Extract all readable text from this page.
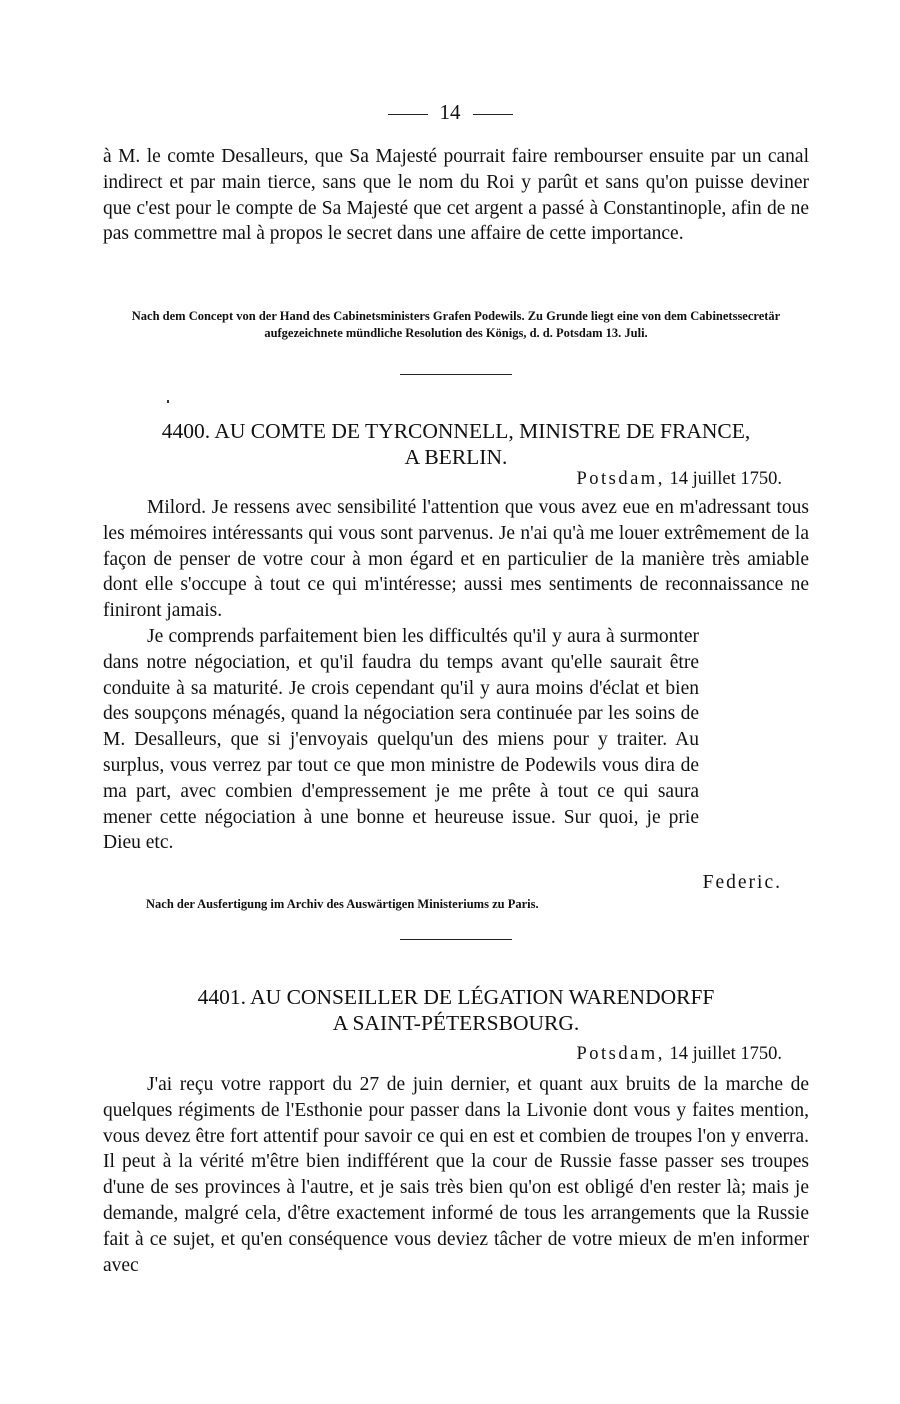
14

à M. le comte Desalleurs, que Sa Majesté pourrait faire rembourser ensuite par un canal indirect et par main tierce, sans que le nom du Roi y parût et sans qu'on puisse deviner que c'est pour le compte de Sa Majesté que cet argent a passé à Constantinople, afin de ne pas commettre mal à propos le secret dans une affaire de cette importance.

Nach dem Concept von der Hand des Cabinetsministers Grafen Podewils. Zu Grunde liegt eine von dem Cabinetssecretär aufgezeichnete mündliche Resolution des Königs, d. d. Potsdam 13. Juli.
4400. AU COMTE DE TYRCONNELL, MINISTRE DE FRANCE,
A BERLIN.
Potsdam, 14 juillet 1750.

Milord. Je ressens avec sensibilité l'attention que vous avez eue en m'adressant tous les mémoires intéressants qui vous sont parvenus. Je n'ai qu'à me louer extrêmement de la façon de penser de votre cour à mon égard et en particulier de la manière très amiable dont elle s'occupe à tout ce qui m'intéresse; aussi mes sentiments de reconnaissance ne finiront jamais.

Je comprends parfaitement bien les difficultés qu'il y aura à surmonter dans notre négociation, et qu'il faudra du temps avant qu'elle saurait être conduite à sa maturité. Je crois cependant qu'il y aura moins d'éclat et bien des soupçons ménagés, quand la négociation sera continuée par les soins de M. Desalleurs, que si j'envoyais quelqu'un des miens pour y traiter. Au surplus, vous verrez par tout ce que mon ministre de Podewils vous dira de ma part, avec combien d'empressement je me prête à tout ce qui saura mener cette négociation à une bonne et heureuse issue. Sur quoi, je prie Dieu etc.

Federic.
Nach der Ausfertigung im Archiv des Auswärtigen Ministeriums zu Paris.
4401. AU CONSEILLER DE LÉGATION WARENDORFF
A SAINT-PÉTERSBOURG.
Potsdam, 14 juillet 1750.

J'ai reçu votre rapport du 27 de juin dernier, et quant aux bruits de la marche de quelques régiments de l'Esthonie pour passer dans la Livonie dont vous y faites mention, vous devez être fort attentif pour savoir ce qui en est et combien de troupes l'on y enverra. Il peut à la vérité m'être bien indifférent que la cour de Russie fasse passer ses troupes d'une de ses provinces à l'autre, et je sais très bien qu'on est obligé d'en rester là; mais je demande, malgré cela, d'être exactement informé de tous les arrangements que la Russie fait à ce sujet, et qu'en conséquence vous deviez tâcher de votre mieux de m'en informer avec
